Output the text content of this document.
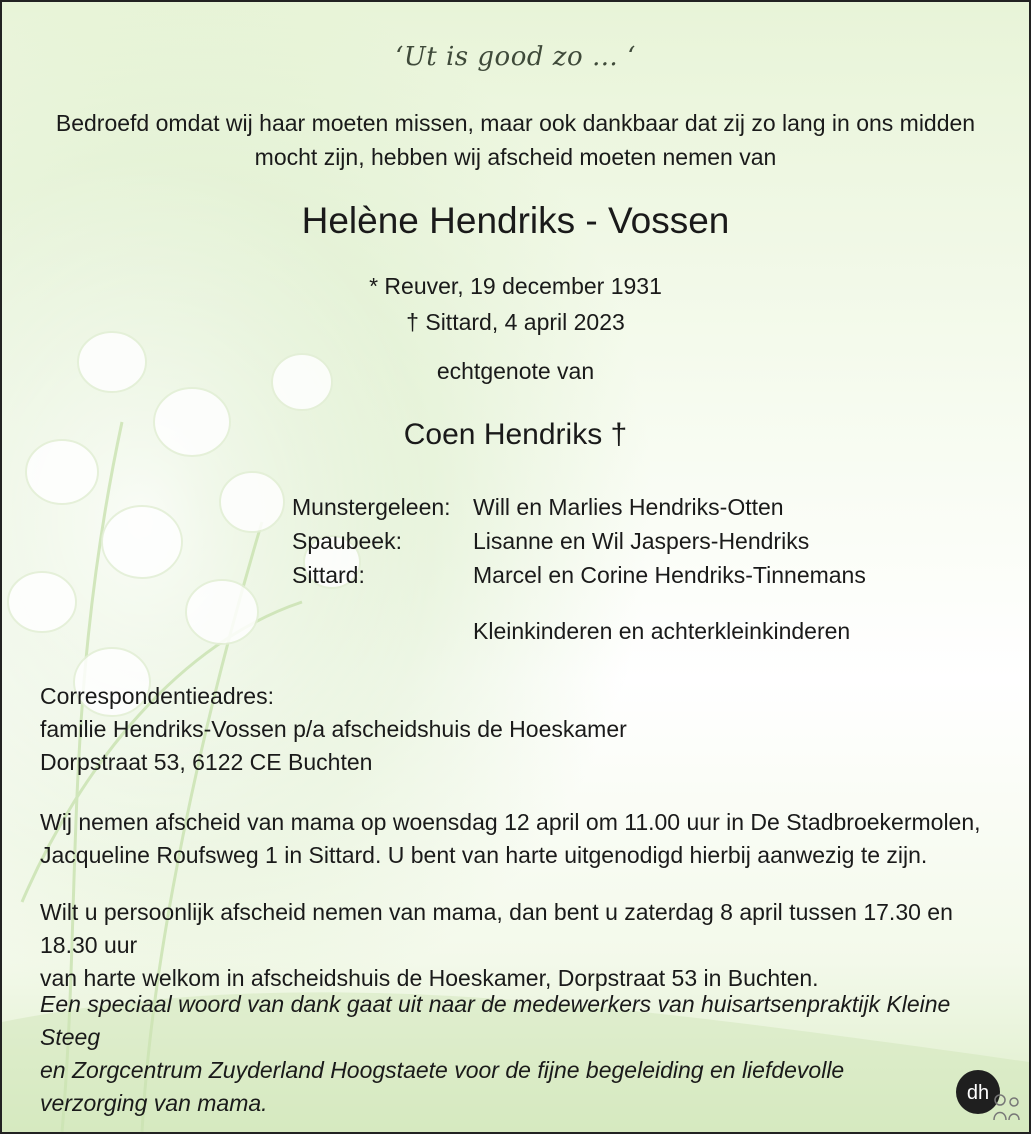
‘Ut is good zo … ‘
Bedroefd omdat wij haar moeten missen, maar ook dankbaar dat zij zo lang in ons midden
mocht zijn, hebben wij afscheid moeten nemen van
Helène Hendriks - Vossen
* Reuver, 19 december 1931
† Sittard, 4 april 2023
echtgenote van
Coen Hendriks †
Munstergeleen: Will en Marlies Hendriks-Otten
Spaubeek:	Lisanne en Wil Jaspers-Hendriks
Sittard:	Marcel en Corine Hendriks-Tinnemans
Kleinkinderen en achterkleinkinderen
Correspondentieadres:
familie Hendriks-Vossen p/a afscheidshuis de Hoeskamer
Dorpstraat 53, 6122 CE Buchten
Wij nemen afscheid van mama op woensdag 12 april om 11.00 uur in De Stadbroekermolen,
Jacqueline Roufsweg 1 in Sittard. U bent van harte uitgenodigd hierbij aanwezig te zijn.
Wilt u persoonlijk afscheid nemen van mama, dan bent u zaterdag 8 april tussen 17.30 en 18.30 uur
van harte welkom in afscheidshuis de Hoeskamer, Dorpstraat 53 in Buchten.
Een speciaal woord van dank gaat uit naar de medewerkers van huisartsenpraktijk Kleine Steeg
en Zorgcentrum Zuyderland Hoogstaete voor de fijne begeleiding en liefdevolle
verzorging van mama.	dh
